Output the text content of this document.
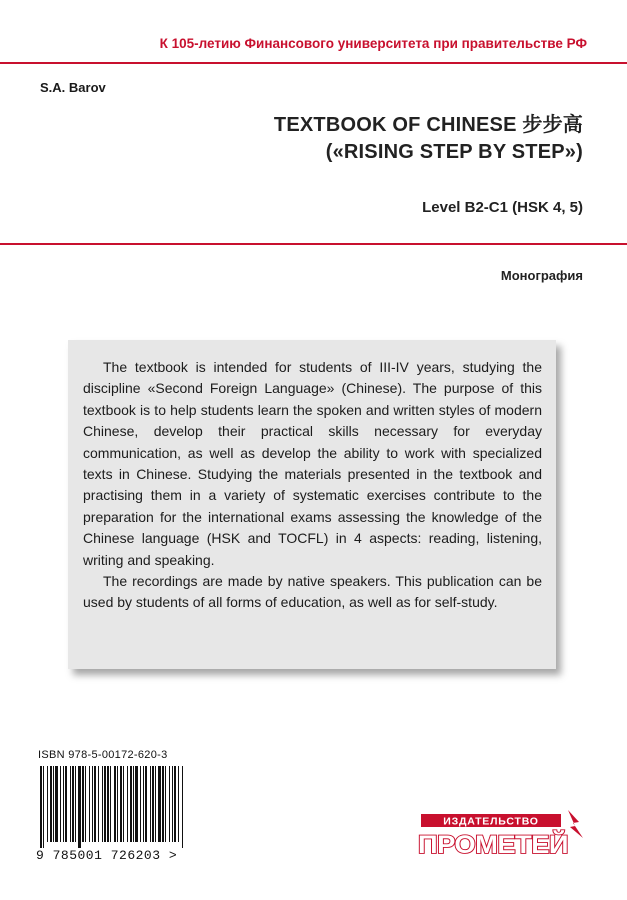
К 105-летию Финансового университета при правительстве РФ
S.A. Barov
TEXTBOOK OF CHINESE 步步高
(«RISING STEP BY STEP»)
Level B2-C1 (HSK 4, 5)
Монография

The textbook is intended for students of III-IV years, studying the discipline «Second Foreign Language» (Chinese). The purpose of this textbook is to help students learn the spoken and written styles of modern Chinese, develop their practical skills necessary for everyday communication, as well as develop the ability to work with specialized texts in Chinese. Studying the materials presented in the textbook and practising them in a variety of systematic exercises contribute to the preparation for the international exams assessing the knowledge of the Chinese language (HSK and TOCFL) in 4 aspects: reading, listening, writing and speaking.

The recordings are made by native speakers. This publication can be used by students of all forms of education, as well as for self-study.

ISBN 978-5-00172-620-3
9 785001 726203 >
ИЗДАТЕЛЬСТВО
ПРОМЕТЕЙ
